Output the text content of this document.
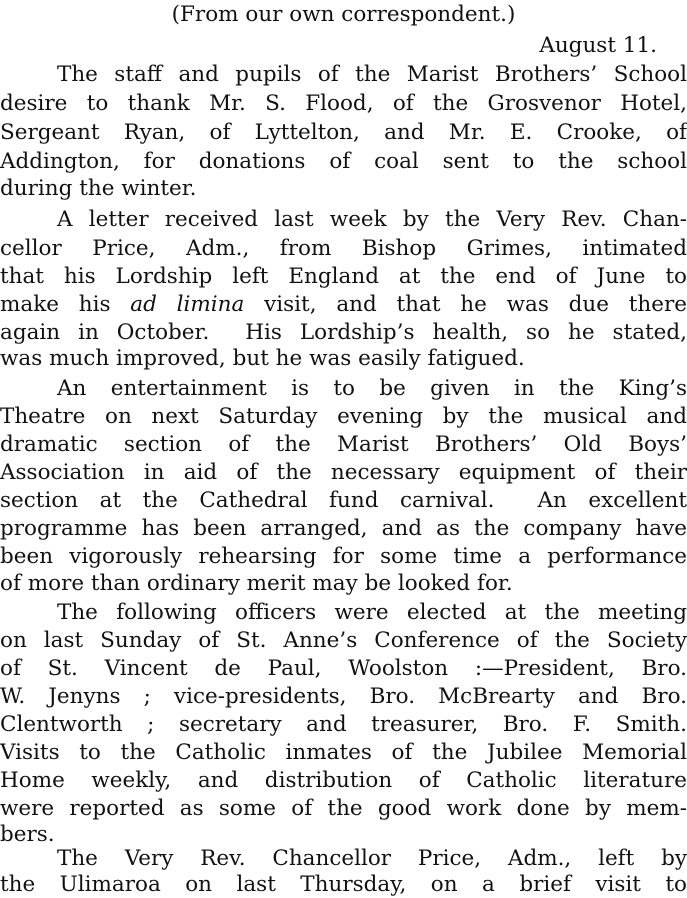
(From our own correspondent.)
August 11.
The staff and pupils of the Marist Brothers’ School
desire to thank Mr. S. Flood, of the Grosvenor Hotel,
Sergeant Ryan, of Lyttelton, and Mr. E. Crooke, of
Addington, for donations of coal sent to the school
during the winter.
A letter received last week by the Very Rev. Chan-
cellor Price, Adm., from Bishop Grimes, intimated
that his Lordship left England at the end of June to
make his ad limina visit, and that he was due there
again in October.  His Lordship’s health, so he stated,
was much improved, but he was easily fatigued.
An entertainment is to be given in the King’s
Theatre on next Saturday evening by the musical and
dramatic section of the Marist Brothers’ Old Boys’
Association in aid of the necessary equipment of their
section at the Cathedral fund carnival.  An excellent
programme has been arranged, and as the company have
been vigorously rehearsing for some time a performance
of more than ordinary merit may be looked for.
The following officers were elected at the meeting
on last Sunday of St. Anne’s Conference of the Society
of St. Vincent de Paul, Woolston :—President, Bro.
W. Jenyns ; vice-presidents, Bro. McBrearty and Bro.
Clentworth ; secretary and treasurer, Bro. F. Smith.
Visits to the Catholic inmates of the Jubilee Memorial
Home weekly, and distribution of Catholic literature
were reported as some of the good work done by mem-
bers.
The Very Rev. Chancellor Price, Adm., left by
the Ulimaroa on last Thursday, on a brief visit to
